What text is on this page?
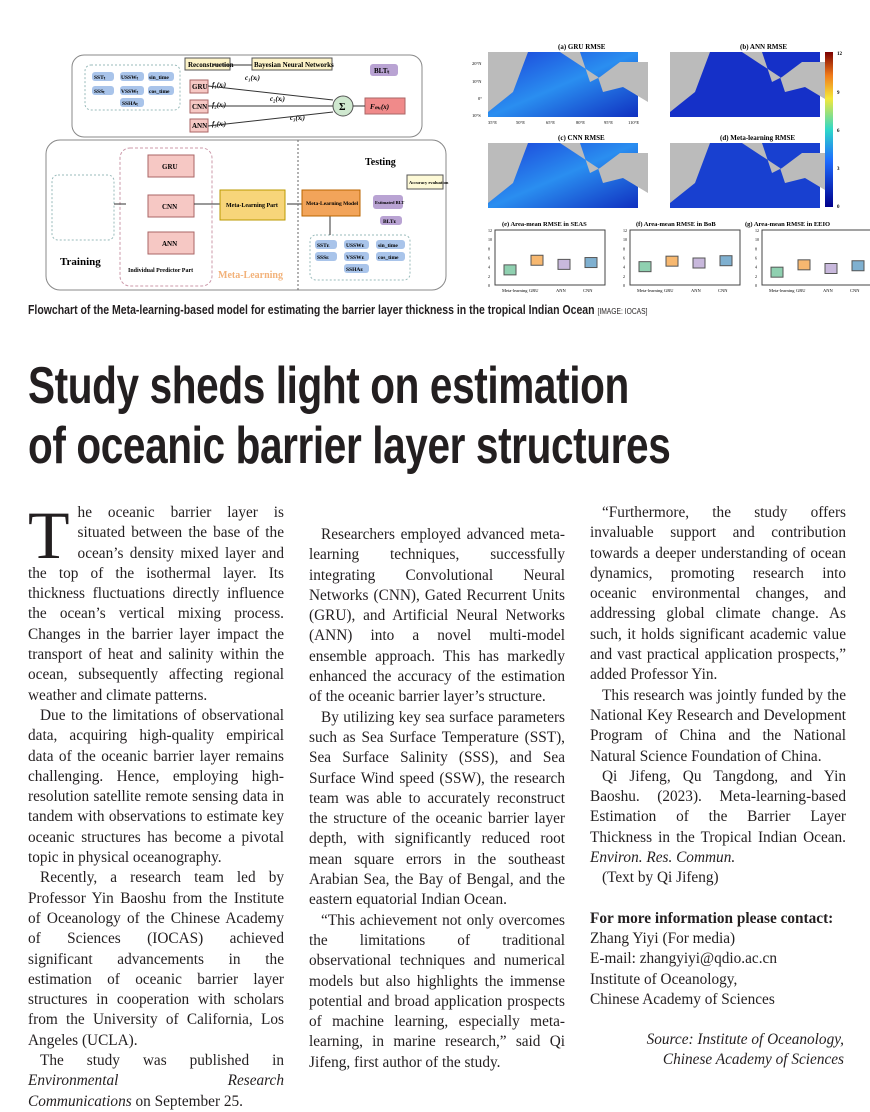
Reconstruction	Bayesian Neural Networks
GRU
CNN
ANN
GRU
CNN
ANN
f₁(xᵢ)
f₂(xᵢ)
f₃(xᵢ)
c₁(xᵢ)
c₂(xᵢ)
c₃(xᵢ)
Σ	Fₘₑ(x)
BLTₜ
SSTₜ	USSWₜ sin_time
SSSₜ	VSSWₜ cos_time
SSHAₜ
SSTᴇ	USSWᴇ	sin_time
SSSᴇ	VSSWᴇ	cos_time
SSHAᴇ
Training
Individual Predictor Part
Testing
Meta-Learning Part	Meta-Learning Model
Meta-Learning
Accuracy evaluation
Estimated BLT
BLTᴇ
(a) GRU RMSE	(b) ANN RMSE
(c) CNN RMSE	(d) Meta-learning RMSE
12
9
6
3
0
20°N
10°N
0°
10°S
35°E	50°E	65°E	80°E	95°E	110°E
(e) Area-mean RMSE in SEAS	(f) Area-mean RMSE in BoB	(g) Area-mean RMSE in EEIO
Meta-learning GRU	ANN	CNN
12
10
8
6
4
2
0
Meta-learning GRU	ANN	CNN
12
10
8
6
4
2
0
Meta-learning GRU	ANN	CNN
12
10
8
6
4
2
0
Flowchart of the Meta-learning-based model for estimating the barrier layer thickness in the tropical Indian Ocean [IMAGE: IOCAS]
Study sheds light on estimation
of oceanic barrier layer structures

The oceanic barrier layer is situated between the base of the ocean’s density mixed layer and the top of the isothermal layer. Its thickness fluctuations directly influence the ocean’s vertical mixing process. Changes in the barrier layer impact the transport of heat and salinity within the ocean, subsequently affecting regional weather and climate patterns.

Due to the limitations of observational data, acquiring high-quality empirical data of the oceanic barrier layer remains challenging. Hence, employing high-resolution satellite remote sensing data in tandem with observations to estimate key oceanic structures has become a pivotal topic in physical oceanography.

Recently, a research team led by Professor Yin Baoshu from the Institute of Oceanology of the Chinese Academy of Sciences (IOCAS) achieved significant advancements in the estimation of oceanic barrier layer structures in cooperation with scholars from the University of California, Los Angeles (UCLA).

The study was published in Environmental Research Communications on September 25.

Researchers employed advanced meta-learning techniques, successfully integrating Convolutional Neural Networks (CNN), Gated Recurrent Units (GRU), and Artificial Neural Networks (ANN) into a novel multi-model ensemble approach. This has markedly enhanced the accuracy of the estimation of the oceanic barrier layer’s structure.

By utilizing key sea surface parameters such as Sea Surface Temperature (SST), Sea Surface Salinity (SSS), and Sea Surface Wind speed (SSW), the research team was able to accurately reconstruct the structure of the oceanic barrier layer depth, with significantly reduced root mean square errors in the southeast Arabian Sea, the Bay of Bengal, and the eastern equatorial Indian Ocean.

“This achievement not only overcomes the limitations of traditional observational techniques and numerical models but also highlights the immense potential and broad application prospects of machine learning, especially meta-learning, in marine research,” said Qi Jifeng, first author of the study.

“Furthermore, the study offers invaluable support and contribution towards a deeper understanding of ocean dynamics, promoting research into oceanic environmental changes, and addressing global climate change. As such, it holds significant academic value and vast practical application prospects,” added Professor Yin.

This research was jointly funded by the National Key Research and Development Program of China and the National Natural Science Foundation of China.

Qi Jifeng, Qu Tangdong, and Yin Baoshu. (2023). Meta-learning-based Estimation of the Barrier Layer Thickness in the Tropical Indian Ocean. Environ. Res. Commun.

(Text by Qi Jifeng)

For more information please contact:
Zhang Yiyi (For media)
E-mail: zhangyiyi@qdio.ac.cn
Institute of Oceanology,
Chinese Academy of Sciences
Source: Institute of Oceanology,
Chinese Academy of Sciences
